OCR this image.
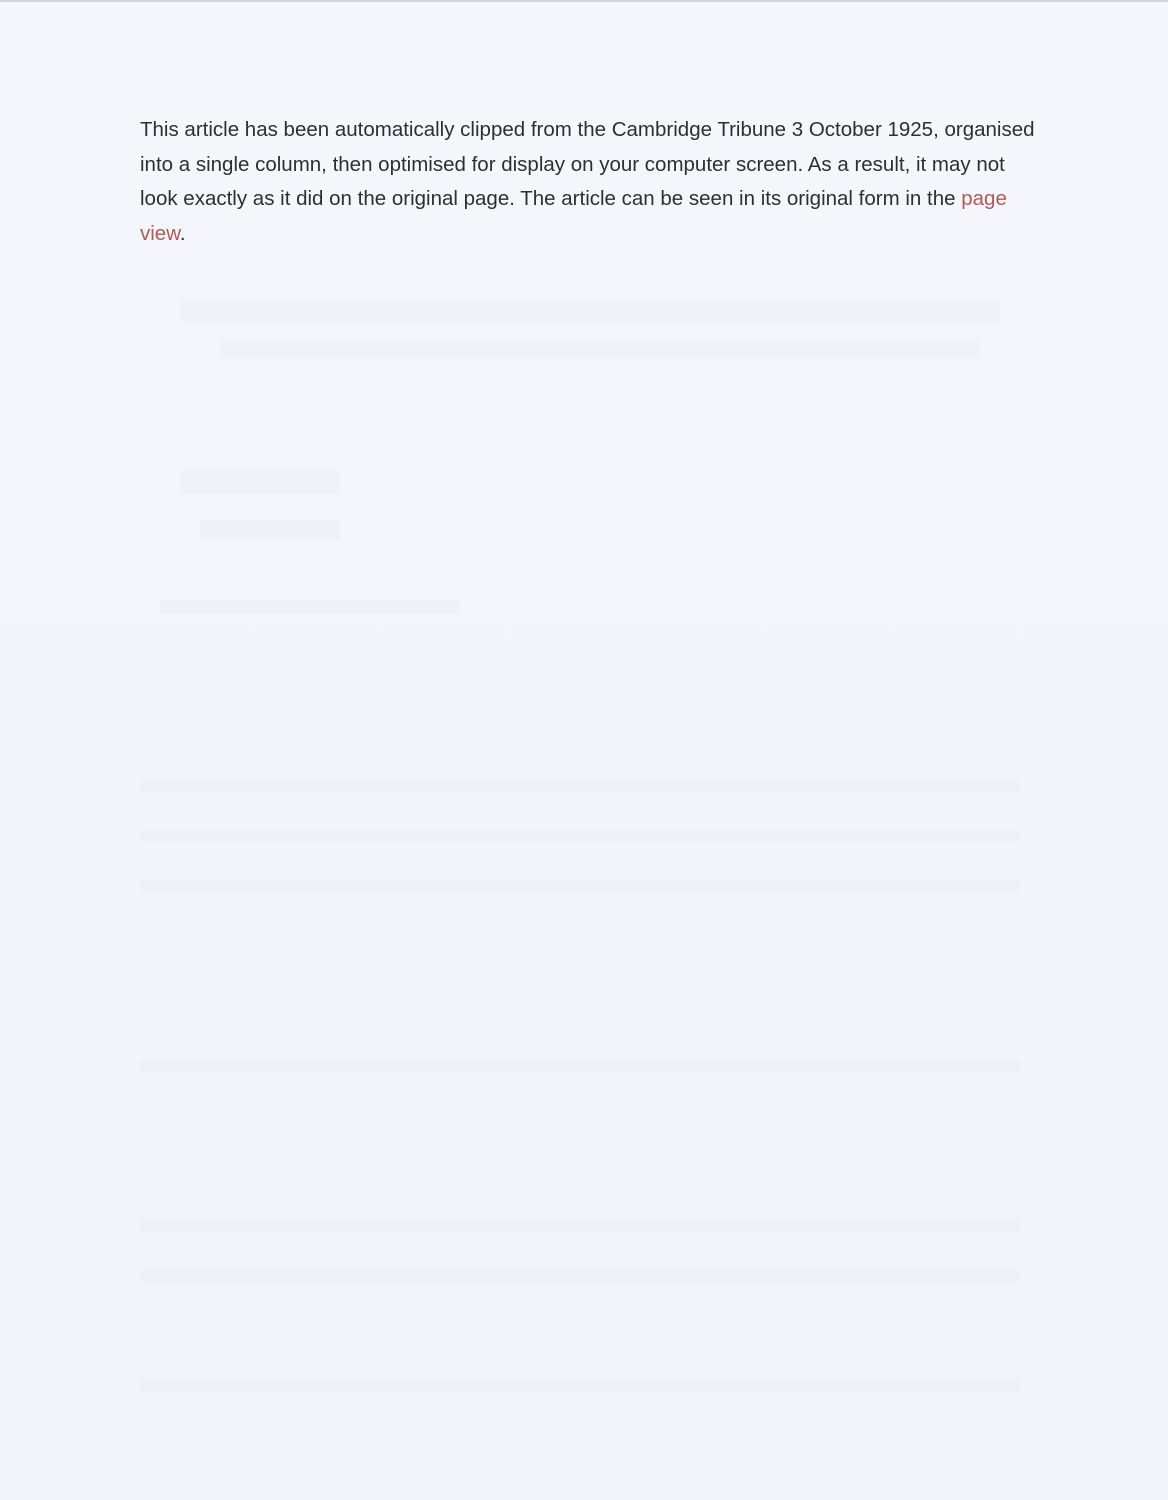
This article has been automatically clipped from the Cambridge Tribune 3 October 1925, organised into a single column, then optimised for display on your computer screen. As a result, it may not look exactly as it did on the original page. The article can be seen in its original form in the page view.
